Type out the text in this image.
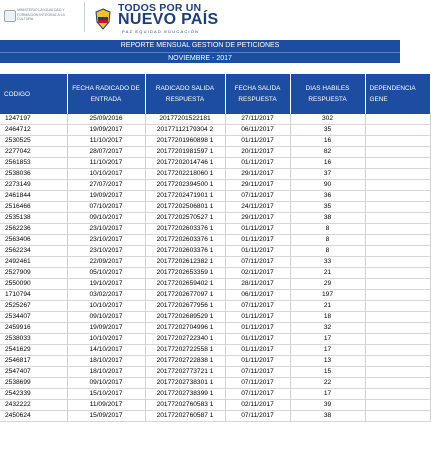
MINISTERIO LA IGUALDAD Y FORMACION INTEGRAL A LA CULTURA
TODOS POR UN
NUEVO PAÍS
PAZ EQUIDAD EDUCACIÓN
REPORTE MENSUAL GESTION DE PETICIONES
NOVIEMBRE - 2017
CODIGO	FECHA RADICADO DE ENTRADA	RADICADO SALIDA RESPUESTA	FECHA SALIDA RESPUESTA	DIAS HABILES RESPUESTA	DEPENDENCIA GENE
1247197	25/09/2016	20177201522181	27/11/2017	302	
2464712	19/09/2017	20177112179304 2	06/11/2017	35	
2530525	11/10/2017	20177201960898 1	01/11/2017	16	
2277042	28/07/2017	20177201981597 1	20/11/2017	82	
2561853	11/10/2017	20177202014746 1	01/11/2017	16	
2538036	10/10/2017	20177202218060 1	29/11/2017	37	
2273149	27/07/2017	20177202394500 1	29/11/2017	90	
2461844	19/09/2017	20177202471901 1	07/11/2017	36	
2516466	07/10/2017	20177202506801 1	24/11/2017	35	
2535138	09/10/2017	20177202570527 1	29/11/2017	38	
2562236	23/10/2017	20177202603376 1	01/11/2017	8	
2563406	23/10/2017	20177202603376 1	01/11/2017	8	
2562234	23/10/2017	20177202603376 1	01/11/2017	8	
2492461	22/09/2017	20177202612382 1	07/11/2017	33	
2527909	05/10/2017	20177202653359 1	02/11/2017	21	
2550090	19/10/2017	20177202659402 1	28/11/2017	29	
1710794	03/02/2017	20177202677097 1	06/11/2017	197	
2525267	10/10/2017	20177202677956 1	07/11/2017	21	
2534407	09/10/2017	20177202689529 1	01/11/2017	18	
2459916	19/09/2017	20177202704996 1	01/11/2017	32	
2538033	10/10/2017	20177202722340 1	01/11/2017	17	
2541629	14/10/2017	20177202722558 1	01/11/2017	17	
2546817	18/10/2017	20177202722838 1	01/11/2017	13	
2547407	18/10/2017	20177202773721 1	07/11/2017	15	
2538699	09/10/2017	20177202738301 1	07/11/2017	22	
2542339	15/10/2017	20177202738399 1	07/11/2017	17	
2432222	11/09/2017	20177202760583 1	02/11/2017	39	
2450624	15/09/2017	20177202760587 1	07/11/2017	38	
